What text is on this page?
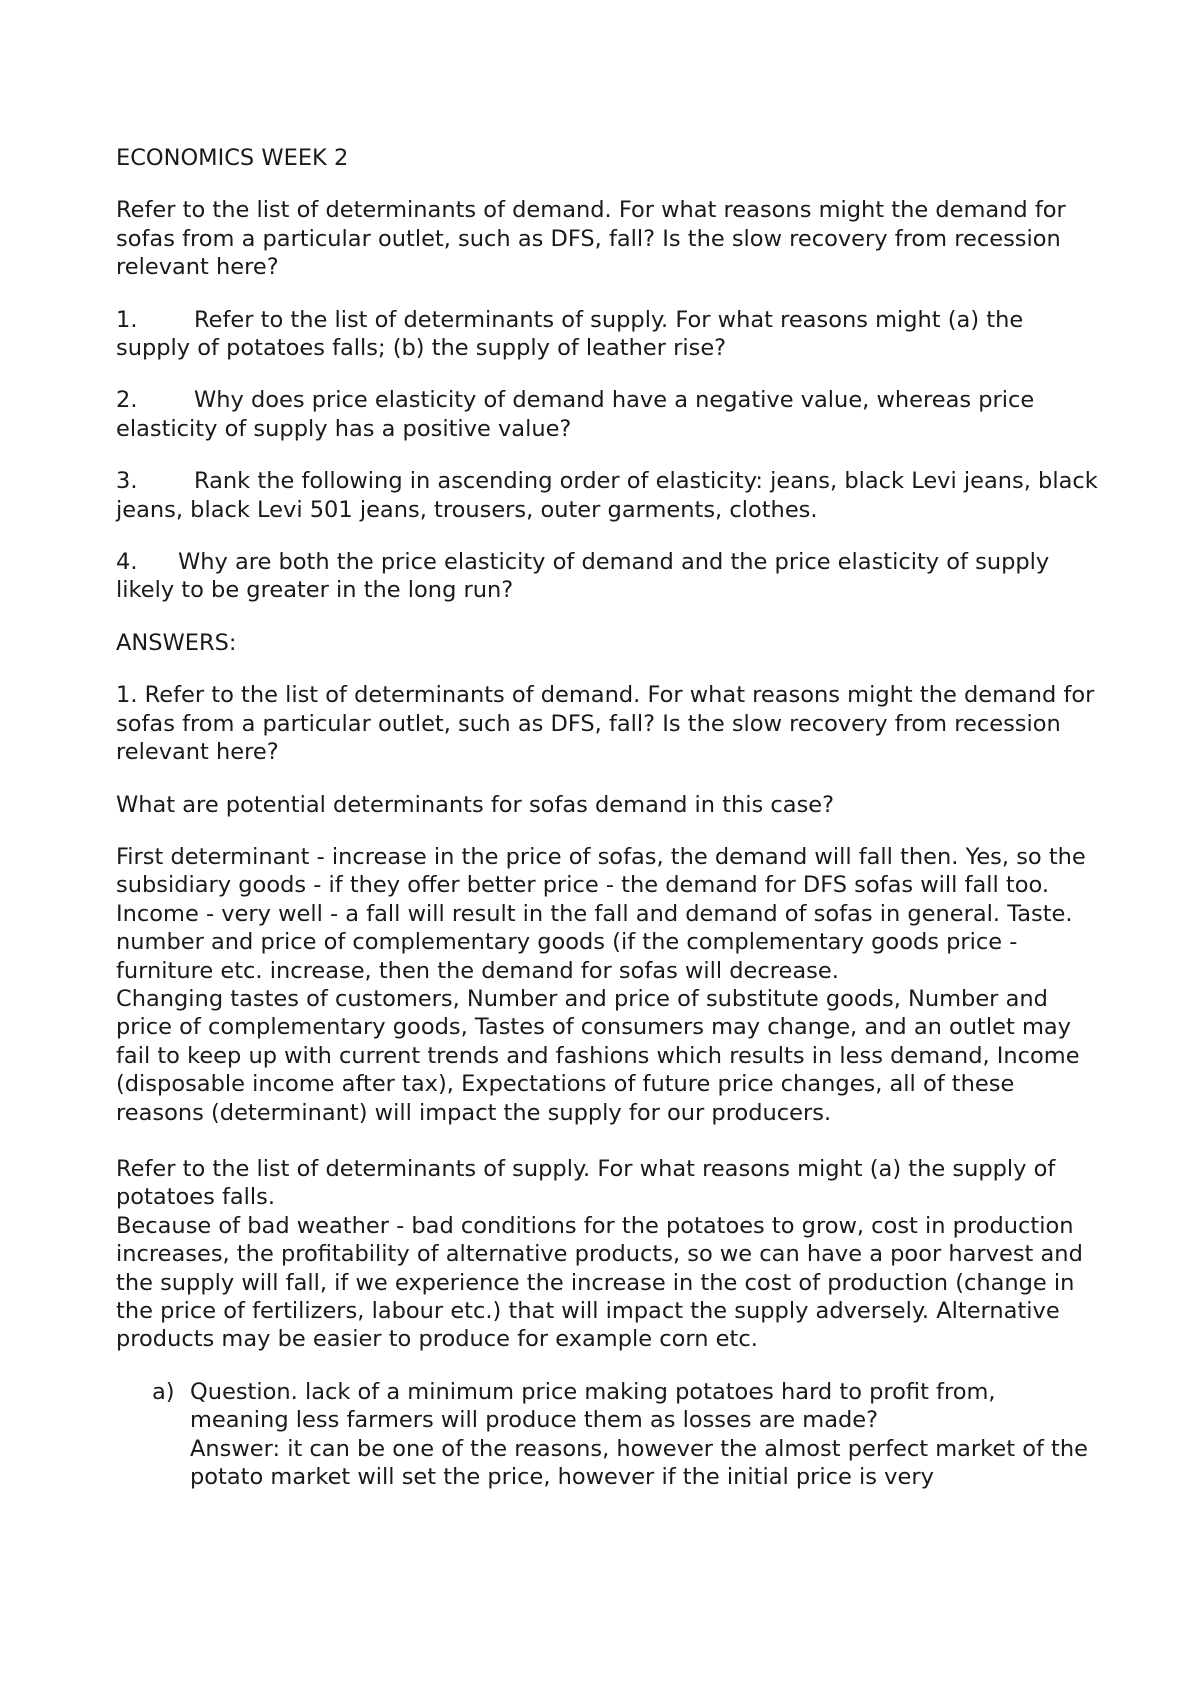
ECONOMICS WEEK 2

Refer to the list of determinants of demand. For what reasons might the demand for sofas from a particular outlet, such as DFS, fall? Is the slow recovery from recession relevant here?

1.	Refer to the list of determinants of supply. For what reasons might (a) the supply of potatoes falls; (b) the supply of leather rise?

2.	Why does price elasticity of demand have a negative value, whereas price elasticity of supply has a positive value?

3.	Rank the following in ascending order of elasticity: jeans, black Levi jeans, black jeans, black Levi 501 jeans, trousers, outer garments, clothes.

4. Why are both the price elasticity of demand and the price elasticity of supply likely to be greater in the long run?

ANSWERS:

1. Refer to the list of determinants of demand. For what reasons might the demand for sofas from a particular outlet, such as DFS, fall? Is the slow recovery from recession relevant here?

What are potential determinants for sofas demand in this case?

First determinant - increase in the price of sofas, the demand will fall then. Yes, so the subsidiary goods - if they offer better price - the demand for DFS sofas will fall too. Income - very well - a fall will result in the fall and demand of sofas in general. Taste.

number and price of complementary goods (if the complementary goods price - furniture etc. increase, then the demand for sofas will decrease.

Changing tastes of customers, Number and price of substitute goods, Number and price of complementary goods, Tastes of consumers may change, and an outlet may fail to keep up with current trends and fashions which results in less demand, Income (disposable income after tax), Expectations of future price changes, all of these reasons (determinant) will impact the supply for our producers.

Refer to the list of determinants of supply. For what reasons might (a) the supply of potatoes falls.

Because of bad weather - bad conditions for the potatoes to grow, cost in production increases, the profitability of alternative products, so we can have a poor harvest and the supply will fall, if we experience the increase in the cost of production (change in the price of fertilizers, labour etc.) that will impact the supply adversely. Alternative products may be easier to produce for example corn etc.

a) Question. lack of a minimum price making potatoes hard to profit from, meaning less farmers will produce them as losses are made?

Answer: it can be one of the reasons, however the almost perfect market of the potato market will set the price, however if the initial price is very
